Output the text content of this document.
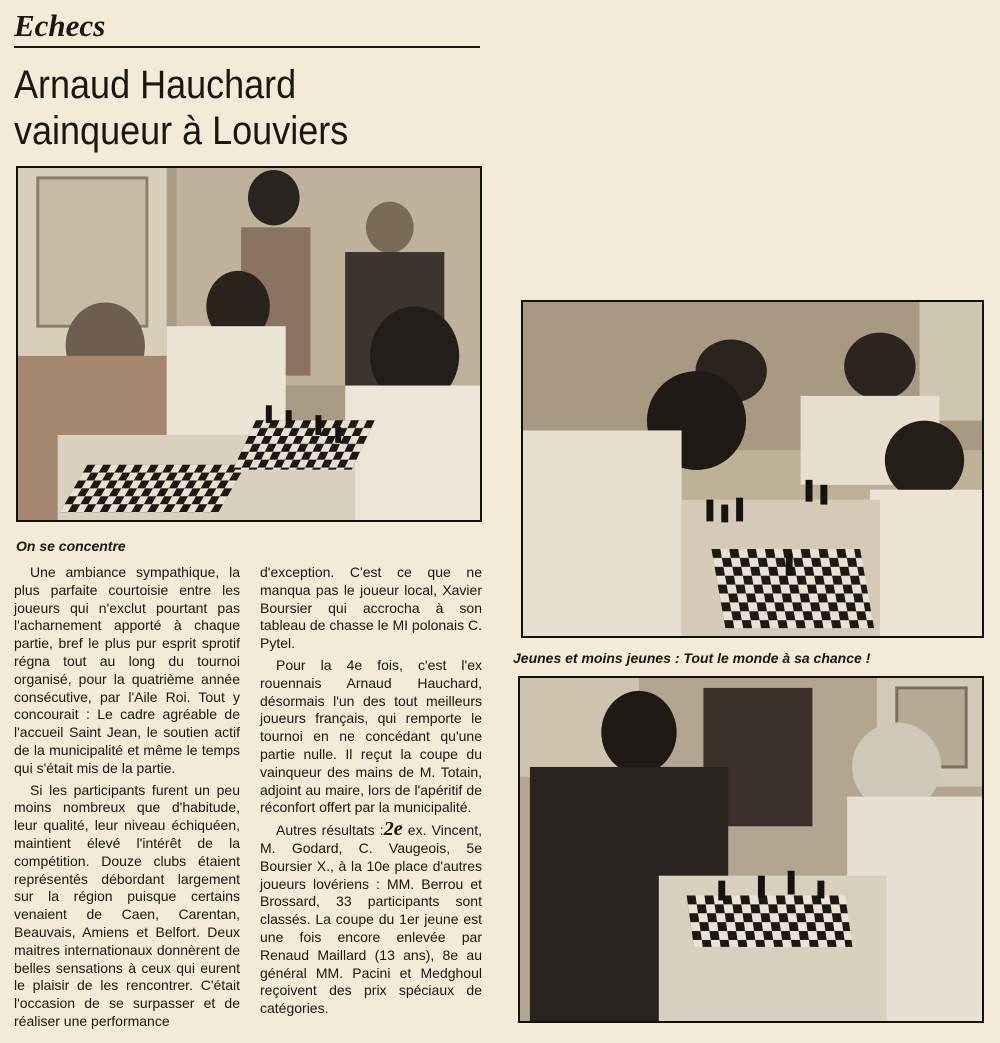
Echecs
Arnaud Hauchard
vainqueur à Louviers
On se concentre
Jeunes et moins jeunes : Tout le monde à sa chance !

Une ambiance sympathique, la plus parfaite courtoisie entre les joueurs qui n'exclut pourtant pas l'acharnement apporté à chaque partie, bref le plus pur esprit sprotif régna tout au long du tournoi organisé, pour la quatrième année consécutive, par l'Aile Roi. Tout y concourait : Le cadre agréable de l'accueil Saint Jean, le soutien actif de la municipalité et même le temps qui s'était mis de la partie.

Si les participants furent un peu moins nombreux que d'habitude, leur qualité, leur niveau échiquéen, maintient élevé l'intérêt de la compétition. Douze clubs étaient représentés débordant largement sur la région puisque certains venaient de Caen, Carentan, Beauvais, Amiens et Belfort. Deux maitres internationaux donnèrent de belles sensations à ceux qui eurent le plaisir de les rencontrer. C'était l'occasion de se surpasser et de réaliser une performance

d'exception. C'est ce que ne manqua pas le joueur local, Xavier Boursier qui accrocha à son tableau de chasse le MI polonais C. Pytel.

Pour la 4e fois, c'est l'ex rouennais Arnaud Hauchard, désormais l'un des tout meilleurs joueurs français, qui remporte le tournoi en ne concédant qu'une partie nulle. Il reçut la coupe du vainqueur des mains de M. Totain, adjoint au maire, lors de l'apéritif de réconfort offert par la municipalité.

Autres résultats :2e ex. Vincent, M. Godard, C. Vaugeois, 5e Boursier X., à la 10e place d'autres joueurs lovériens : MM. Berrou et Brossard, 33 participants sont classés. La coupe du 1er jeune est une fois encore enlevée par Renaud Maillard (13 ans), 8e au général MM. Pacini et Medghoul reçoivent des prix spéciaux de catégories.
